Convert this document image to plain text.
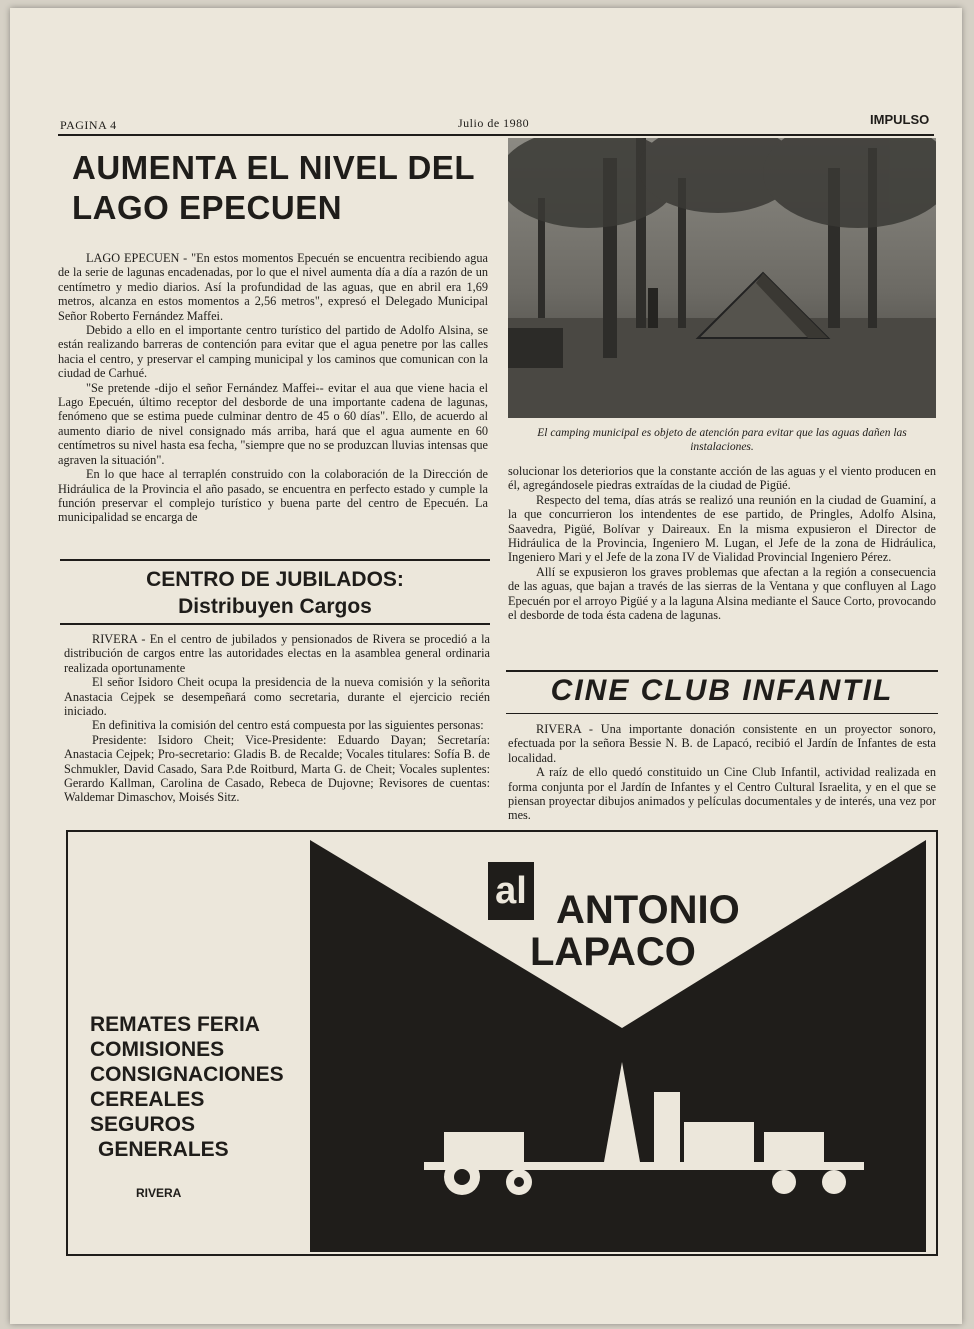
PAGINA 4	Julio de 1980	IMPULSO
AUMENTA EL NIVEL DEL
LAGO EPECUEN

LAGO EPECUEN - "En estos momentos Epecuén se encuentra recibiendo agua de la serie de lagunas encadenadas, por lo que el nivel aumenta día a día a razón de un centímetro y medio diarios. Así la profundidad de las aguas, que en abril era 1,69 metros, alcanza en estos momentos a 2,56 metros", expresó el Delegado Municipal Señor Roberto Fernández Maffei.

Debido a ello en el importante centro turístico del partido de Adolfo Alsina, se están realizando barreras de contención para evitar que el agua penetre por las calles hacia el centro, y preservar el camping municipal y los caminos que comunican con la ciudad de Carhué.

"Se pretende -dijo el señor Fernández Maffei-- evitar el aua que viene hacia el Lago Epecuén, último receptor del desborde de una importante cadena de lagunas, fenómeno que se estima puede culminar dentro de 45 o 60 días". Ello, de acuerdo al aumento diario de nivel consignado más arriba, hará que el agua aumente en 60 centímetros su nivel hasta esa fecha, "siempre que no se produzcan lluvias intensas que agraven la situación".

En lo que hace al terraplén construido con la colaboración de la Dirección de Hidráulica de la Provincia el año pasado, se encuentra en perfecto estado y cumple la función preservar el complejo turístico y buena parte del centro de Epecuén. La municipalidad se encarga de

CENTRO DE JUBILADOS:
Distribuyen Cargos

RIVERA - En el centro de jubilados y pensionados de Rivera se procedió a la distribución de cargos entre las autoridades electas en la asamblea general ordinaria realizada oportunamente

El señor Isidoro Cheit ocupa la presidencia de la nueva comisión y la señorita Anastacia Cejpek se desempeñará como secretaria, durante el ejercicio recién iniciado.

En definitiva la comisión del centro está compuesta por las siguientes personas:

Presidente: Isidoro Cheit; Vice-Presidente: Eduardo Dayan; Secretaría: Anastacia Cejpek; Pro-secretario: Gladis B. de Recalde; Vocales titulares: Sofía B. de Schmukler, David Casado, Sara P.de Roitburd, Marta G. de Cheit; Vocales suplentes: Gerardo Kallman, Carolina de Casado, Rebeca de Dujovne; Revisores de cuentas: Waldemar Dimaschov, Moisés Sitz.

El camping municipal es objeto de atención para evitar que las aguas dañen las instalaciones.

solucionar los deteriorios que la constante acción de las aguas y el viento producen en él, agregándosele piedras extraídas de la ciudad de Pigüé.

Respecto del tema, días atrás se realizó una reunión en la ciudad de Guaminí, a la que concurrieron los intendentes de ese partido, de Pringles, Adolfo Alsina, Saavedra, Pigüé, Bolívar y Daireaux. En la misma expusieron el Director de Hidráulica de la Provincia, Ingeniero M. Lugan, el Jefe de la zona de Hidráulica, Ingeniero Mari y el Jefe de la zona IV de Vialidad Provincial Ingeniero Pérez.

Allí se expusieron los graves problemas que afectan a la región a consecuencia de las aguas, que bajan a través de las sierras de la Ventana y que confluyen al Lago Epecuén por el arroyo Pigüé y a la laguna Alsina mediante el Sauce Corto, provocando el desborde de toda ésta cadena de lagunas.

CINE CLUB INFANTIL

RIVERA - Una importante donación consistente en un proyector sonoro, efectuada por la señora Bessie N. B. de Lapacó, recibió el Jardín de Infantes de esta localidad.

A raíz de ello quedó constituido un Cine Club Infantil, actividad realizada en forma conjunta por el Jardín de Infantes y el Centro Cultural Israelita, y en el que se piensan proyectar dibujos animados y películas documentales y de interés, una vez por mes.

al ANTONIO
LAPACO
REMATES FERIA
COMISIONES
CONSIGNACIONES
CEREALES
SEGUROS
GENERALES
RIVERA
